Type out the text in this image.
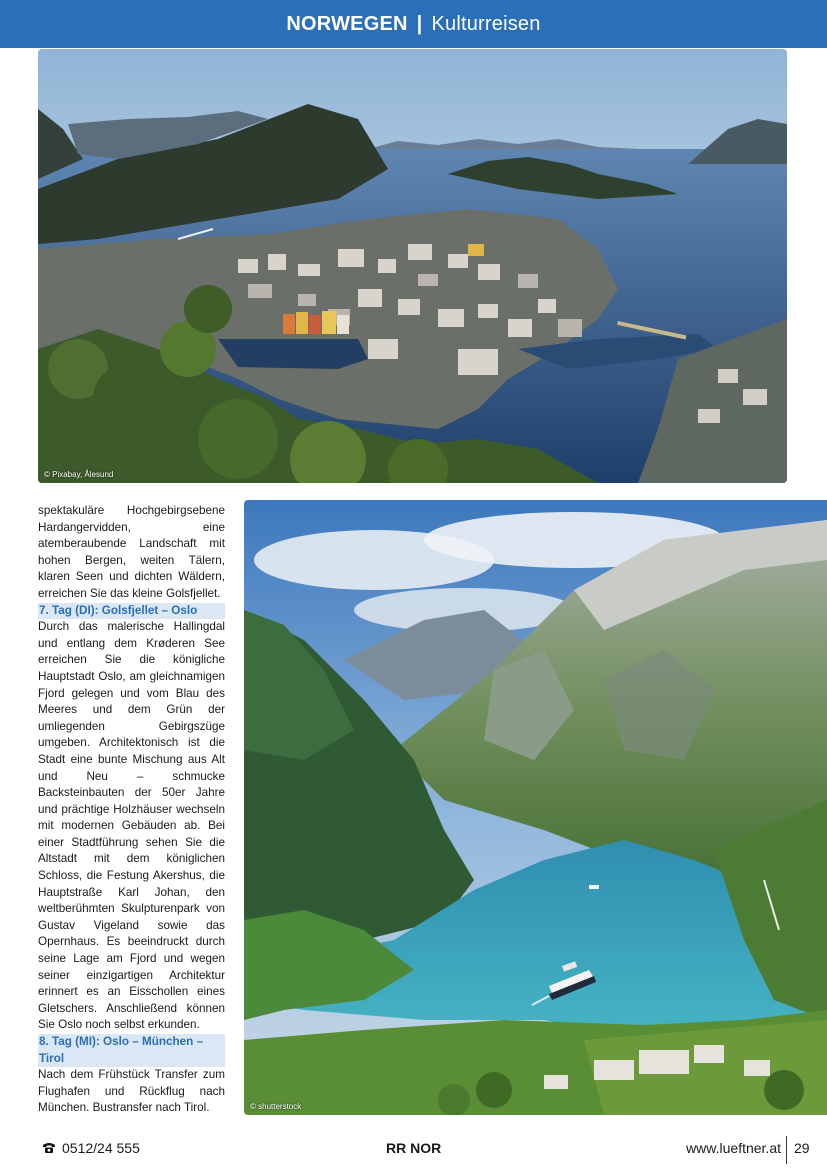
NORWEGEN | Kulturreisen
© Pixabay, Ålesund

spektakuläre Hochgebirgsebene Hardangervidden, eine atemberaubende Landschaft mit hohen Bergen, weiten Tälern, klaren Seen und dichten Wäldern, erreichen Sie das kleine Golsfjellet.

7. Tag (DI): Golsfjellet – Oslo

Durch das malerische Hallingdal und entlang dem Krøderen See erreichen Sie die königliche Hauptstadt Oslo, am gleichnamigen Fjord gelegen und vom Blau des Meeres und dem Grün der umliegenden Gebirgszüge umgeben. Architektonisch ist die Stadt eine bunte Mischung aus Alt und Neu – schmucke Backsteinbauten der 50er Jahre und prächtige Holzhäuser wechseln mit modernen Gebäuden ab. Bei einer Stadtführung sehen Sie die Altstadt mit dem königlichen Schloss, die Festung Akershus, die Hauptstraße Karl Johan, den weltberühmten Skulpturenpark von Gustav Vigeland sowie das Opernhaus. Es beeindruckt durch seine Lage am Fjord und wegen seiner einzigartigen Architektur erinnert es an Eisschollen eines Gletschers. Anschließend können Sie Oslo noch selbst erkunden.

8. Tag (MI): Oslo – München – Tirol

Nach dem Frühstück Transfer zum Flughafen und Rückflug nach München. Bustransfer nach Tirol.	© shutterstock
0512/24 555	RR NOR	www.lueftner.at 29
